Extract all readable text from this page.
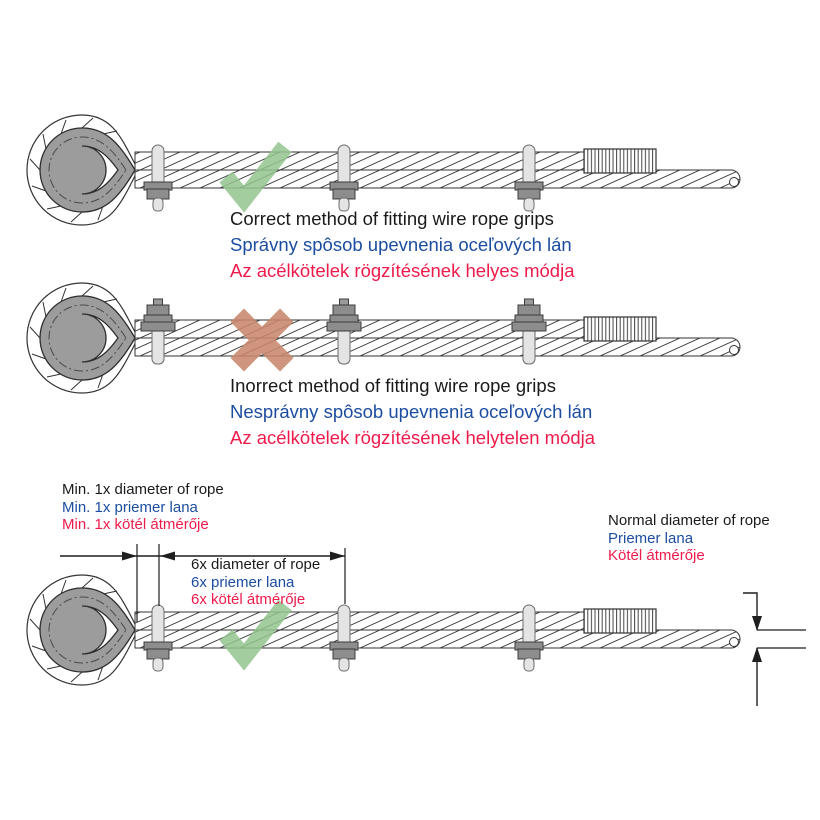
Correct method of fitting wire rope grips
Správny spôsob upevnenia oceľových lán
Az acélkötelek rögzítésének helyes módja
Inorrect method of fitting wire rope grips
Nesprávny spôsob upevnenia oceľových lán
Az acélkötelek rögzítésének helytelen módja
Min. 1x diameter of rope
Min. 1x priemer lana
Min. 1x kötél átmérője
6x diameter of rope
6x priemer lana
6x kötél átmérője
Normal diameter of rope
Priemer lana
Kötél átmérője
